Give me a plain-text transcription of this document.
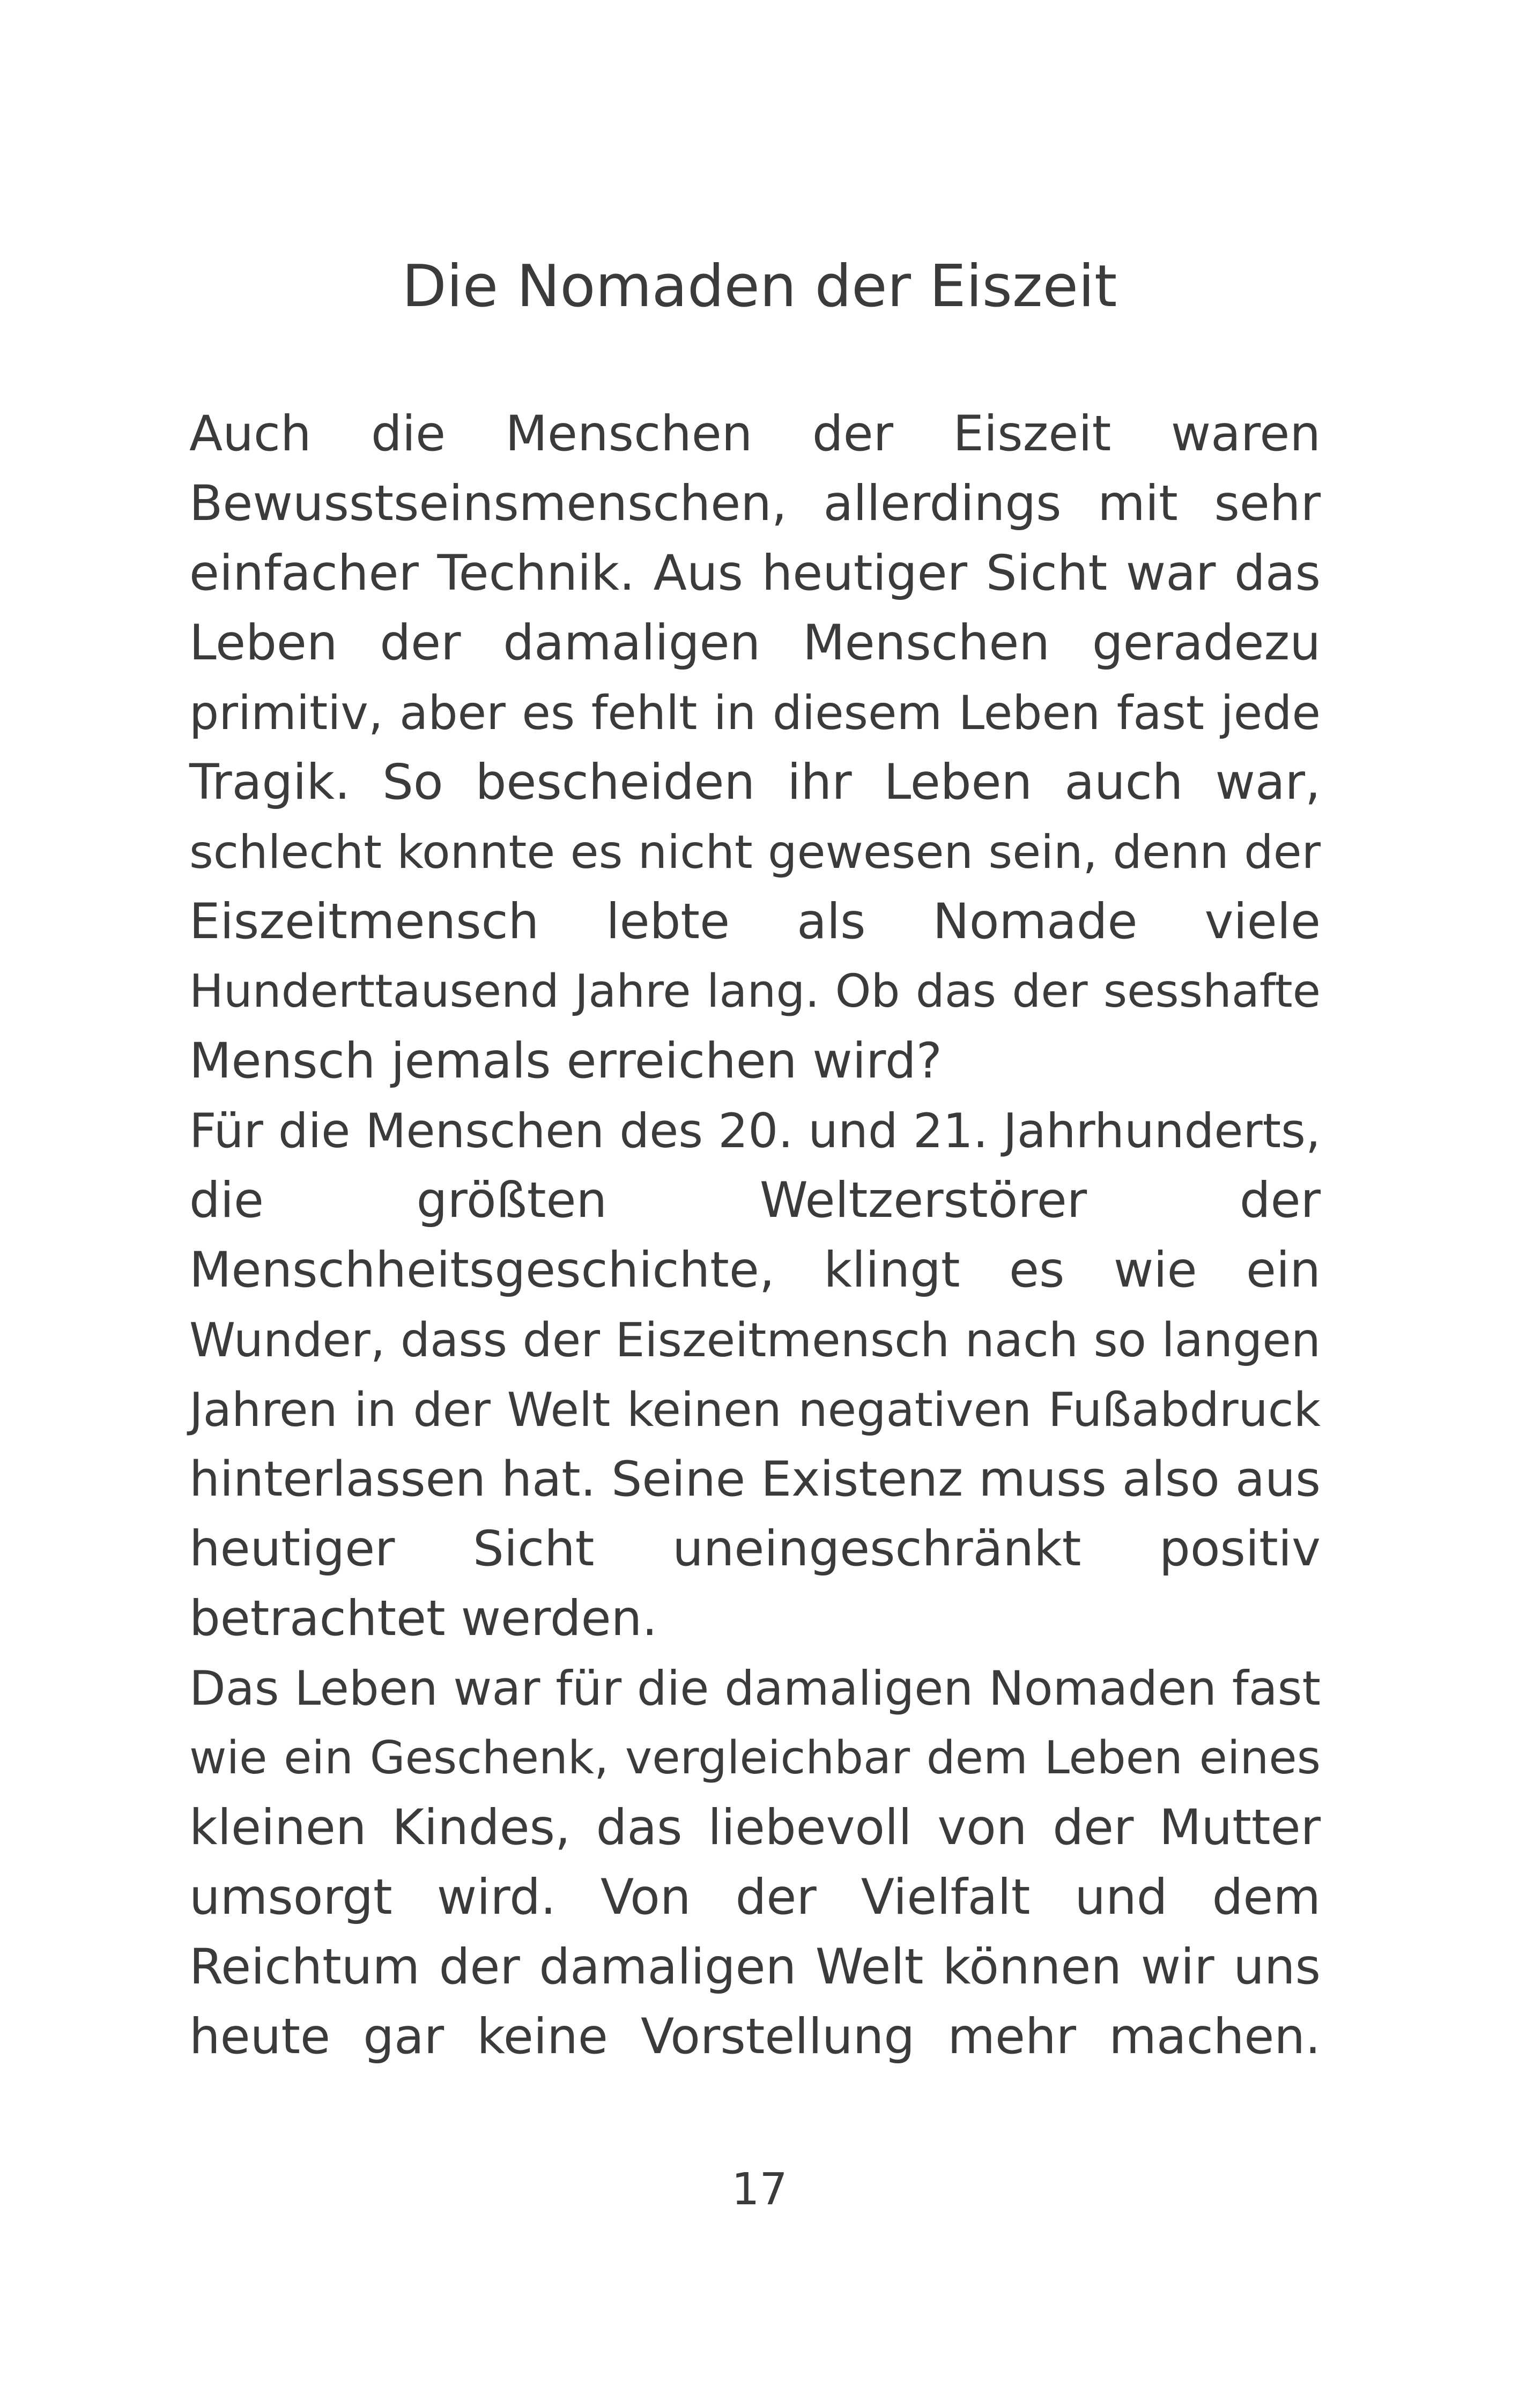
Die Nomaden der Eiszeit
Auch die Menschen der Eiszeit waren
Bewusstseinsmenschen, allerdings mit sehr
einfacher Technik. Aus heutiger Sicht war das
Leben der damaligen Menschen geradezu
primitiv, aber es fehlt in diesem Leben fast jede
Tragik. So bescheiden ihr Leben auch war,
schlecht konnte es nicht gewesen sein, denn der
Eiszeitmensch lebte als Nomade viele
Hunderttausend Jahre lang. Ob das der sesshafte
Mensch jemals erreichen wird?
Für die Menschen des 20. und 21. Jahrhunderts,
die größten Weltzerstörer der
Menschheitsgeschichte, klingt es wie ein
Wunder, dass der Eiszeitmensch nach so langen
Jahren in der Welt keinen negativen Fußabdruck
hinterlassen hat. Seine Existenz muss also aus
heutiger Sicht uneingeschränkt positiv
betrachtet werden.
Das Leben war für die damaligen Nomaden fast
wie ein Geschenk, vergleichbar dem Leben eines
kleinen Kindes, das liebevoll von der Mutter
umsorgt wird. Von der Vielfalt und dem
Reichtum der damaligen Welt können wir uns
heute gar keine Vorstellung mehr machen.
17
